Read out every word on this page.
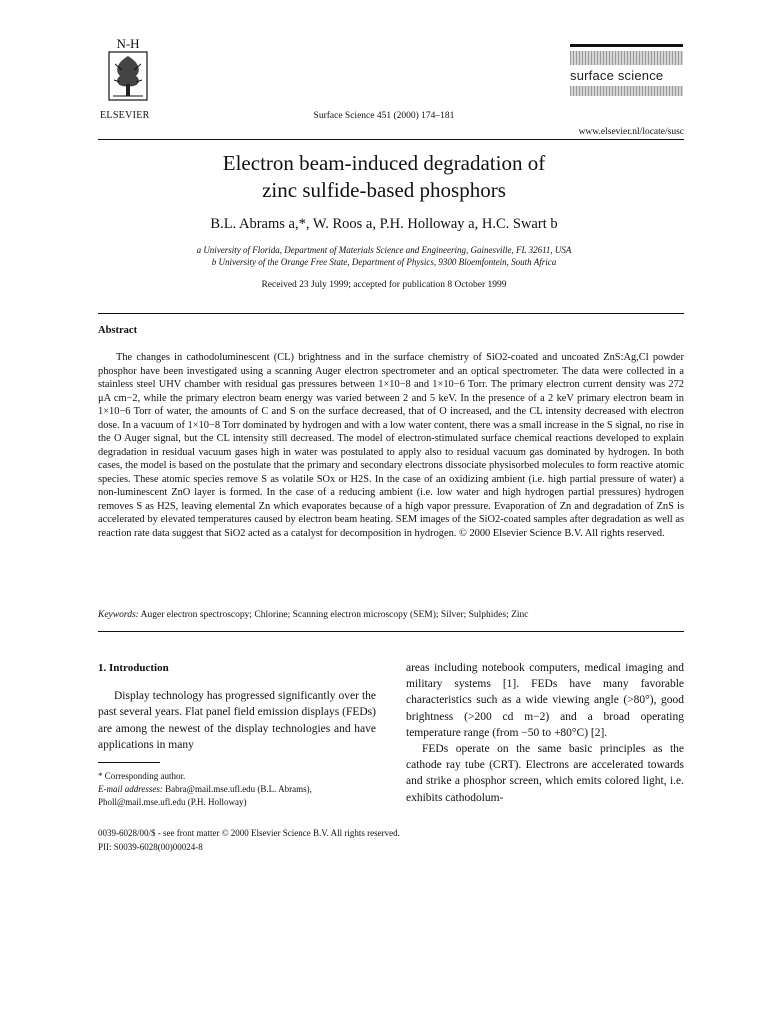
N-H
ELSEVIER	Surface Science 451 (2000) 174–181
surface science
www.elsevier.nl/locate/susc
Electron beam-induced degradation of
zinc sulfide-based phosphors
B.L. Abrams a,*, W. Roos a, P.H. Holloway a, H.C. Swart b
a University of Florida, Department of Materials Science and Engineering, Gainesville, FL 32611, USA
b University of the Orange Free State, Department of Physics, 9300 Bloemfontein, South Africa
Received 23 July 1999; accepted for publication 8 October 1999
Abstract

The changes in cathodoluminescent (CL) brightness and in the surface chemistry of SiO2-coated and uncoated ZnS:Ag,Cl powder phosphor have been investigated using a scanning Auger electron spectrometer and an optical spectrometer. The data were collected in a stainless steel UHV chamber with residual gas pressures between 1×10−8 and 1×10−6 Torr. The primary electron current density was 272 μA cm−2, while the primary electron beam energy was varied between 2 and 5 keV. In the presence of a 2 keV primary electron beam in 1×10−6 Torr of water, the amounts of C and S on the surface decreased, that of O increased, and the CL intensity decreased with electron dose. In a vacuum of 1×10−8 Torr dominated by hydrogen and with a low water content, there was a small increase in the S signal, no rise in the O Auger signal, but the CL intensity still decreased. The model of electron-stimulated surface chemical reactions developed to explain degradation in residual vacuum gases high in water was postulated to apply also to residual vacuum gas dominated by hydrogen. In both cases, the model is based on the postulate that the primary and secondary electrons dissociate physisorbed molecules to form reactive atomic species. These atomic species remove S as volatile SOx or H2S. In the case of an oxidizing ambient (i.e. high partial pressure of water) a non-luminescent ZnO layer is formed. In the case of a reducing ambient (i.e. low water and high hydrogen partial pressures) hydrogen removes S as H2S, leaving elemental Zn which evaporates because of a high vapor pressure. Evaporation of Zn and degradation of ZnS is accelerated by elevated temperatures caused by electron beam heating. SEM images of the SiO2-coated samples after degradation as well as reaction rate data suggest that SiO2 acted as a catalyst for decomposition in hydrogen. © 2000 Elsevier Science B.V. All rights reserved.

Keywords: Auger electron spectroscopy; Chlorine; Scanning electron microscopy (SEM); Silver; Sulphides; Zinc

1. Introduction

Display technology has progressed significantly over the past several years. Flat panel field emission displays (FEDs) are among the newest of the display technologies and have applications in many

areas including notebook computers, medical imaging and military systems [1]. FEDs have many favorable characteristics such as a wide viewing angle (>80°), good brightness (>200 cd m−2) and a broad operating temperature range (from −50 to +80°C) [2].

FEDs operate on the same basic principles as the cathode ray tube (CRT). Electrons are accelerated towards and strike a phosphor screen, which emits colored light, i.e. exhibits cathodolum-

* Corresponding author.

E-mail addresses: Babra@mail.mse.ufl.edu (B.L. Abrams), Pholl@mail.mse.ufl.edu (P.H. Holloway)

0039-6028/00/$ - see front matter © 2000 Elsevier Science B.V. All rights reserved.

PII: S0039-6028(00)00024-8
